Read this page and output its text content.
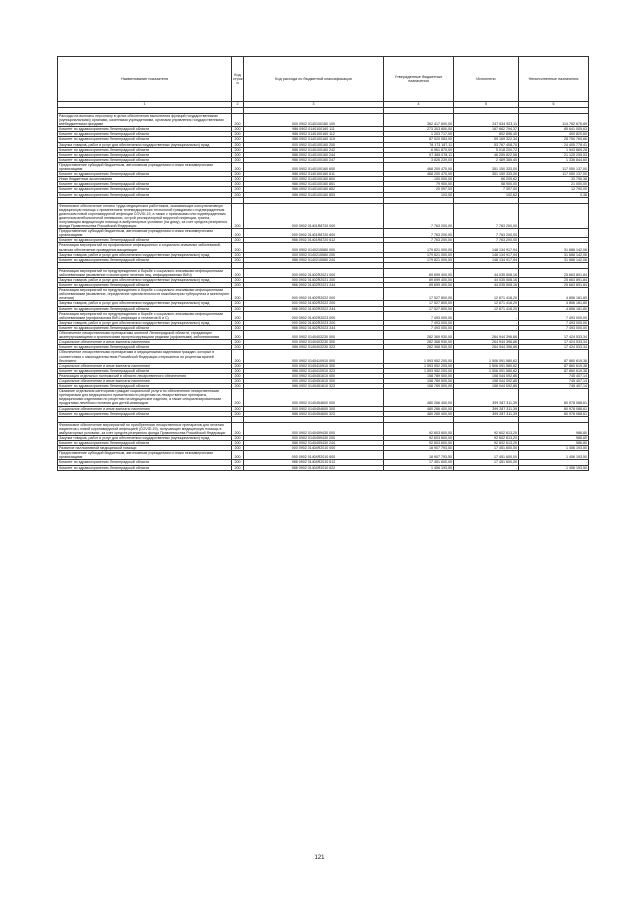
Наименование показателя	Код строк и	Код расхода по бюджетной классификации	Утвержденные бюджетные назначения	Исполнено	Неисполненные назначения
1	2	3	4	5	6

Расходы на выплаты персоналу в целях обеспечения выполнения функций государственными (муниципальными) органами, казенными учреждениями, органами управления государственными внебюджетными фондами	200	000 0902 0140100160 100	362 417 600,00	247 634 923,11	114 782 676,89
Комитет по здравоохранению Ленинградской области	200	986 0902 0140100160 111	273 303 800,00	187 662 794,37	85 641 005,63
Комитет по здравоохранению Ленинградской области	200	986 0902 0140100160 112	1 203 717,00	802 896,40	400 820,60
Комитет по здравоохранению Ленинградской области	200	986 0902 0140100160 119	87 920 083,00	59 169 322,34	28 750 760,66
Закупка товаров, работ и услуг для обеспечения государственных (муниципальных) нужд	200	000 0902 0140100160 200	78 173 187,11	53 767 408,70	24 405 778,41
Комитет по здравоохранению Ленинградской области	200	986 0902 0140100160 242	6 961 870,00	5 018 200,72	1 943 669,28
Комитет по здравоохранению Ленинградской области	200	986 0902 0140100160 244	67 385 078,11	46 259 822,58	21 125 255,53
Комитет по здравоохранению Ленинградской области	200	986 0902 0140100160 247	3 826 239,00	2 489 385,40	1 336 844,60
Предоставление субсидий бюджетным, автономным учреждениям и иным некоммерческим организациям	200	000 0902 0140100160 600	468 200 470,00	351 150 333,00	117 050 137,00
Комитет по здравоохранению Ленинградской области	200	986 0902 0140100160 611	468 200 470,00	351 150 333,00	117 050 137,00
Иные бюджетные ассигнования	200	000 0902 0140100160 800	100 000,00	66 209,62	33 790,38
Комитет по здравоохранению Ленинградской области	200	986 0902 0140100160 851	79 900,00	58 900,00	21 000,00
Комитет по здравоохранению Ленинградской области	200	986 0902 0140100160 852	20 097,00	7 307,00	12 790,00
Комитет по здравоохранению Ленинградской области	200	986 0902 0140100160 853	103,00	102,62	0,38

Финансовое обеспечение оплаты труда медицинских работников, оказывающих консультативную медицинскую помощь с применением телемедицинских технологий гражданам с подтвержденным диагнозом новой коронавирусной инфекции COVID-19, а также с признаками или подтвержденным диагнозом внебольничной пневмонии, острой респираторной вирусной инфекции, гриппа, получающим медицинскую помощь в амбулаторных условиях (на дому), за счет средств резервного фонда Правительства Российской Федерации	200	000 0902 01401R8720 000	7 763 200,00	7 763 200,00	-
Предоставление субсидий бюджетным, автономным учреждениям и иным некоммерческим организациям	200	000 0902 01401R8720 600	7 763 200,00	7 763 200,00	-
Комитет по здравоохранению Ленинградской области	200	986 0902 01401R8720 612	7 763 200,00	7 763 200,00	-
Реализация мероприятий по профилактике инфекционных и социально-значимых заболеваний, включая обеспечение проведения вакцинации	200	000 0902 0140215580 000	179 821 000,00	148 134 917,94	31 686 142,06
Закупка товаров, работ и услуг для обеспечения государственных (муниципальных) нужд	200	000 0902 0140215580 200	179 821 000,00	148 134 917,94	31 686 142,06
Комитет по здравоохранению Ленинградской области	200	986 0902 0140215580 244	179 821 000,00	148 134 917,94	31 686 142,06

Реализация мероприятий по предупреждению и борьбе с социально значимыми инфекционными заболеваниями (выявление и мониторинг лечения лиц, инфицированных ВИЧ)	200	000 0902 01402R2021 000	69 699 400,00	44 035 508,16	25 663 891,84
Закупка товаров, работ и услуг для обеспечения государственных (муниципальных) нужд	200	000 0902 01402R2021 200	69 699 400,00	44 035 508,16	25 663 891,84
Комитет по здравоохранению Ленинградской области	200	986 0902 01402R2021 244	69 699 400,00	44 035 508,16	25 663 891,84
Реализация мероприятий по предупреждению и борьбе с социально значимыми инфекционными заболеваниями (выявление, определение чувствительности микобактерии туберкулеза и мониторинг лечения)	200	000 0902 01402R2022 000	17 527 800,00	12 671 418,20	4 856 181,80
Закупка товаров, работ и услуг для обеспечения государственных (муниципальных) нужд	200	000 0902 01402R2022 200	17 527 800,00	12 671 418,20	4 856 181,80
Комитет по здравоохранению Ленинградской области	200	986 0902 01402R2022 244	17 527 800,00	12 671 418,20	4 856 181,80
Реализация мероприятий по предупреждению и борьбе с социально значимыми инфекционными заболеваниями (профилактика ВИЧ-инфекции и гепатитов В и С)	200	000 0902 01402R2023 000	7 493 000,00	-	7 493 000,00
Закупка товаров, работ и услуг для обеспечения государственных (муниципальных) нужд	200	000 0902 01402R2023 200	7 493 000,00	-	7 493 000,00
Комитет по здравоохранению Ленинградской области	200	986 0902 01402R2023 244	7 493 000,00	-	7 493 000,00
Обеспечение лекарственными препаратами жителей Ленинградской области, страдающих жизнеугрожающими и хроническими прогрессирующими редкими (орфанными) заболеваниями	200	000 0902 0140403230 000	282 369 930,00	264 944 396,66	17 424 533,34
Социальное обеспечение и иные выплаты населению	200	000 0902 0140403230 300	282 368 930,00	264 944 396,66	17 424 533,34
Комитет по здравоохранению Ленинградской области	200	986 0902 0140403230 323	282 368 930,00	264 944 396,66	17 424 533,34
Обеспечение лекарственными препаратами и медицинскими изделиями граждан, которые в соответствии с законодательством Российской Федерации отпускаются по рецептам врачей бесплатно	200	000 0902 0140410910 000	1 593 952 200,00	1 506 091 580,62	87 860 619,38
Социальное обеспечение и иные выплаты населению	200	000 0902 0140410910 300	1 593 952 200,00	1 506 091 580,62	87 860 619,38
Комитет по здравоохранению Ленинградской области	200	986 0902 0140410910 323	1 593 952 200,00	1 506 091 580,62	87 860 619,38
Реализация отдельных полномочий в области лекарственного обеспечения	200	000 0902 0140451610 000	158 789 500,00	158 044 092,86	745 407,14
Социальное обеспечение и иные выплаты населению	200	000 0902 0140451610 300	158 789 500,00	158 044 092,86	745 407,14
Комитет по здравоохранению Ленинградской области	200	986 0902 0140451610 323	158 789 500,00	158 044 092,86	745 407,14
Оказание отдельным категориям граждан социальной услуги по обеспечению лекарственными препаратами для медицинского применения по рецептам на лекарственные препараты, медицинскими изделиями по рецептам на медицинские изделия, а также специализированными продуктами лечебного питания для детей-инвалидов	200	000 0902 0140454600 000	480 266 400,00	399 287 311,39	80 978 088,61
Социальное обеспечение и иные выплаты населению	200	000 0902 0140454600 300	480 266 400,00	399 287 311,39	80 978 088,61
Комитет по здравоохранению Ленинградской области	200	986 0902 0140454600 323	480 265 400,00	399 287 311,39	80 978 088,61

Финансовое обеспечение мероприятий по приобретению лекарственных препаратов для лечения пациентов с новой коронавирусной инфекцией (COVID-19), получающих медицинскую помощь в амбулаторных условиях, за счет средств резервного фонда Правительства Российской Федерации	200	000 0902 0140459430 000	92 603 600,00	92 602 613,20	986,80
Закупка товаров, работ и услуг для обеспечения государственных (муниципальных) нужд	200	000 0902 0140459430 200	92 603 600,00	92 602 613,20	986,80
Комитет по здравоохранению Ленинградской области	200	986 0902 0140459430 244	92 603 600,00	92 602 613,20	986,80
Развитие паллиативной медицинской помощи	200	000 0902 01404R2010 000	18 907 793,50	17 451 600,00	1 456 193,50
Предоставление субсидий бюджетным, автономным учреждениям и иным некоммерческим организациям	200	000 0902 01404R2010 600	18 907 793,50	17 451 600,00	1 456 193,50
Комитет по здравоохранению Ленинградской области	200	986 0902 01404R2010 612	17 451 600,00	17 451 600,00	-
Комитет по здравоохранению Ленинградской области	200	986 0902 01404R2010 622	1 456 193,50	-	1 456 193,50
121
